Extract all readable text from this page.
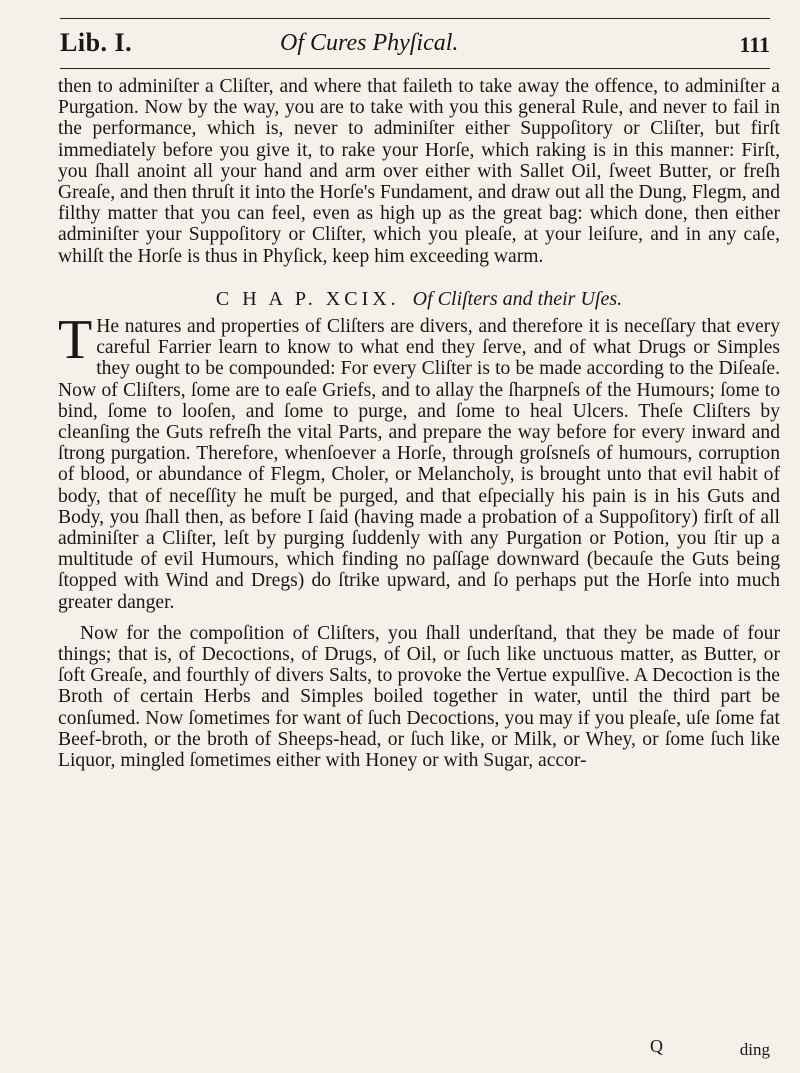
Lib. I.	Of Cures Phyſical.	111

then to adminiſter a Cliſter, and where that faileth to take away the offence, to adminiſter a Purgation. Now by the way, you are to take with you this general Rule, and never to fail in the performance, which is, never to adminiſter either Suppoſitory or Cliſter, but firſt immediately before you give it, to rake your Horſe, which raking is in this manner: Firſt, you ſhall anoint all your hand and arm over either with Sallet Oil, ſweet Butter, or freſh Greaſe, and then thruſt it into the Horſe's Fundament, and draw out all the Dung, Flegm, and filthy matter that you can feel, even as high up as the great bag: which done, then either adminiſter your Suppoſitory or Cliſter, which you pleaſe, at your leiſure, and in any caſe, whilſt the Horſe is thus in Phyſick, keep him exceeding warm.

C H A P. XCIX. Of Cliſters and their Uſes.

T He natures and properties of Cliſters are divers, and therefore it is neceſſary that every careful Farrier learn to know to what end they ſerve, and of what Drugs or Simples they ought to be compounded: For every Cliſter is to be made according to the Diſeaſe. Now of Cliſters, ſome are to eaſe Griefs, and to allay the ſharpneſs of the Humours; ſome to bind, ſome to looſen, and ſome to purge, and ſome to heal Ulcers. Theſe Cliſters by cleanſing the Guts refreſh the vital Parts, and prepare the way before for every inward and ſtrong purgation. Therefore, whenſoever a Horſe, through groſsneſs of humours, corruption of blood, or abundance of Flegm, Choler, or Melancholy, is brought unto that evil habit of body, that of neceſſity he muſt be purged, and that eſpecially his pain is in his Guts and Body, you ſhall then, as before I ſaid (having made a probation of a Suppoſitory) firſt of all adminiſter a Cliſter, leſt by purging ſuddenly with any Purgation or Potion, you ſtir up a multitude of evil Humours, which finding no paſſage downward (becauſe the Guts being ſtopped with Wind and Dregs) do ſtrike upward, and ſo perhaps put the Horſe into much greater danger.

Now for the compoſition of Cliſters, you ſhall underſtand, that they be made of four things; that is, of Decoctions, of Drugs, of Oil, or ſuch like unctuous matter, as Butter, or ſoft Greaſe, and fourthly of divers Salts, to provoke the Vertue expulſive. A Decoction is the Broth of certain Herbs and Simples boiled together in water, until the third part be conſumed. Now ſometimes for want of ſuch Decoctions, you may if you pleaſe, uſe ſome fat Beef-broth, or the broth of Sheeps-head, or ſuch like, or Milk, or Whey, or ſome ſuch like Liquor, mingled ſometimes either with Honey or with Sugar, accor-

Q	ding
